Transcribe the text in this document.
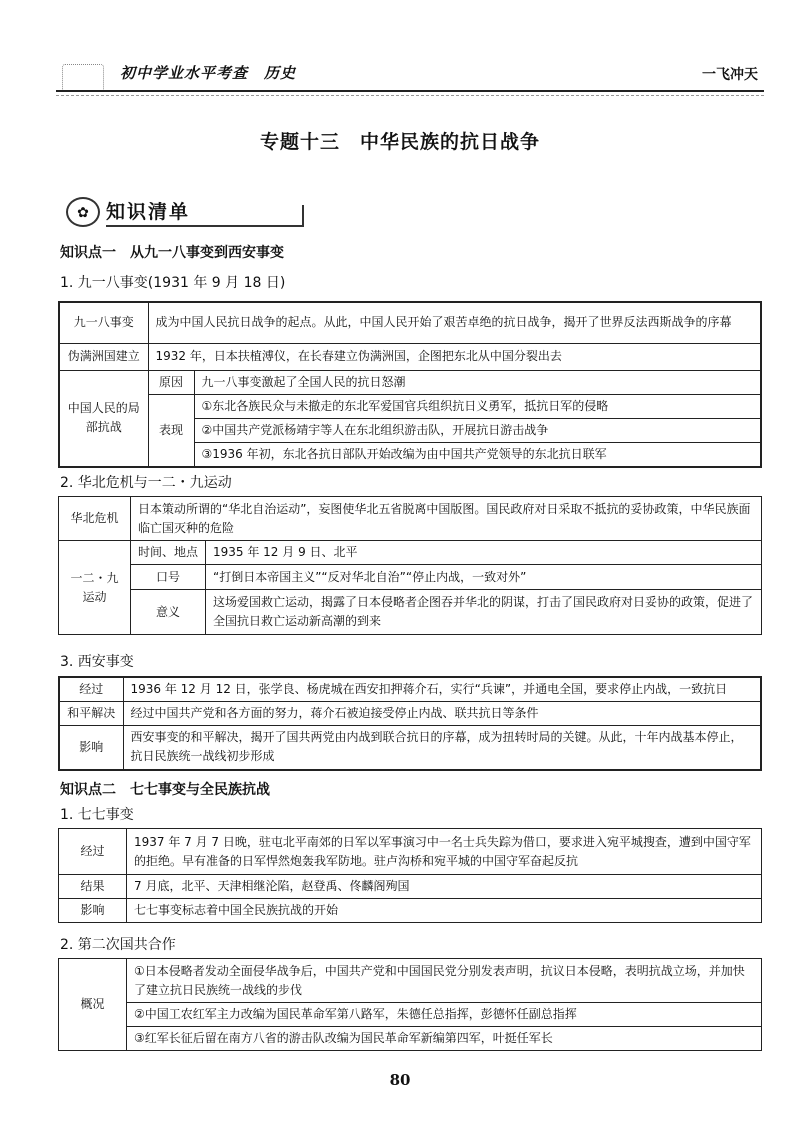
初中学业水平考查　历史	一飞冲天
专题十三　中华民族的抗日战争
✿ 知识清单
知识点一　从九一八事变到西安事变
1. 九一八事变(1931 年 9 月 18 日)
九一八事变	成为中国人民抗日战争的起点。从此，中国人民开始了艰苦卓绝的抗日战争，揭开了世界反法西斯战争的序幕	
伪满洲国建立	1932 年，日本扶植溥仪，在长春建立伪满洲国，企图把东北从中国分裂出去	
中国人民的局部抗战	原因	九一八事变激起了全国人民的抗日怒潮
	表现	①东北各族民众与未撤走的东北军爱国官兵组织抗日义勇军，抵抗日军的侵略
		②中国共产党派杨靖宇等人在东北组织游击队，开展抗日游击战争
		③1936 年初，东北各抗日部队开始改编为由中国共产党领导的东北抗日联军
2. 华北危机与一二・九运动
华北危机	日本策动所谓的“华北自治运动”，妄图使华北五省脱离中国版图。国民政府对日采取不抵抗的妥协政策，中华民族面临亡国灭种的危险	
一二・九运动	时间、地点	1935 年 12 月 9 日、北平
	口号	“打倒日本帝国主义”“反对华北自治”“停止内战，一致对外”
	意义	这场爱国救亡运动，揭露了日本侵略者企图吞并华北的阴谋，打击了国民政府对日妥协的政策，促进了全国抗日救亡运动新高潮的到来
3. 西安事变
经过	1936 年 12 月 12 日，张学良、杨虎城在西安扣押蒋介石，实行“兵谏”，并通电全国，要求停止内战，一致抗日
和平解决	经过中国共产党和各方面的努力，蒋介石被迫接受停止内战、联共抗日等条件
影响	西安事变的和平解决，揭开了国共两党由内战到联合抗日的序幕，成为扭转时局的关键。从此，十年内战基本停止，抗日民族统一战线初步形成
知识点二　七七事变与全民族抗战
1. 七七事变
经过	1937 年 7 月 7 日晚，驻屯北平南郊的日军以军事演习中一名士兵失踪为借口，要求进入宛平城搜查，遭到中国守军的拒绝。早有准备的日军悍然炮轰我军防地。驻卢沟桥和宛平城的中国守军奋起反抗
结果	7 月底，北平、天津相继沦陷，赵登禹、佟麟阁殉国
影响	七七事变标志着中国全民族抗战的开始
2. 第二次国共合作
概况	①日本侵略者发动全面侵华战争后，中国共产党和中国国民党分别发表声明，抗议日本侵略，表明抗战立场，并加快了建立抗日民族统一战线的步伐
②中国工农红军主力改编为国民革命军第八路军，朱德任总指挥，彭德怀任副总指挥
③红军长征后留在南方八省的游击队改编为国民革命军新编第四军，叶挺任军长
80
